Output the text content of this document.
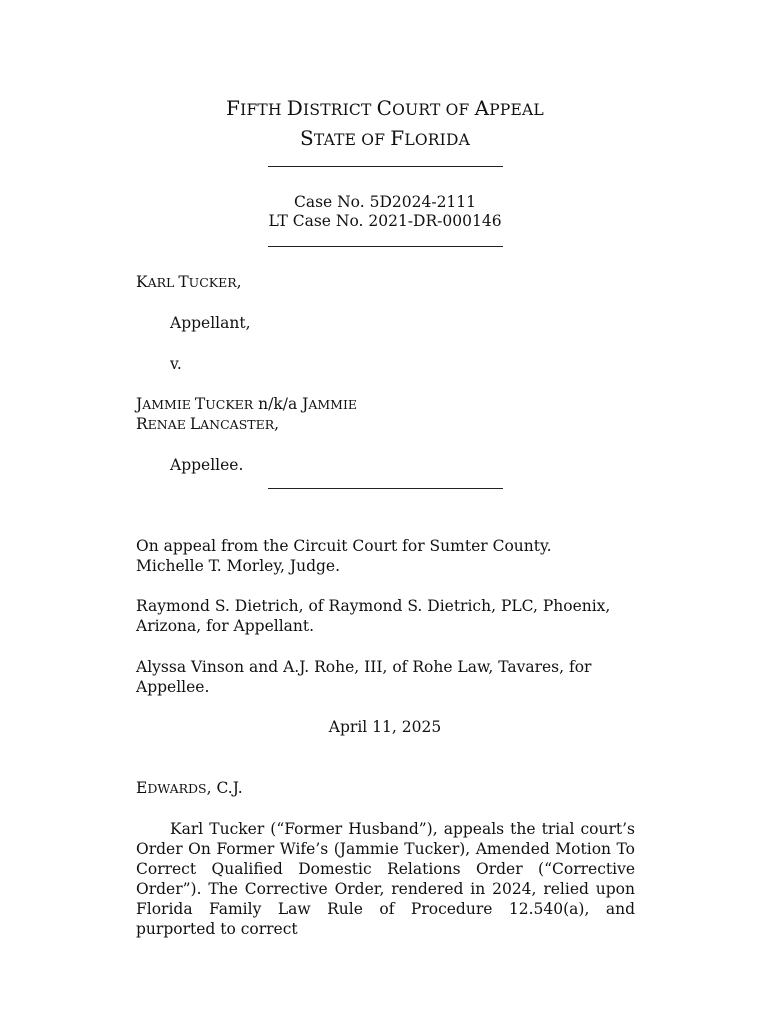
FIFTH DISTRICT COURT OF APPEAL
STATE OF FLORIDA
Case No. 5D2024-2111
LT Case No. 2021-DR-000146
KARL TUCKER,
Appellant,
v.
JAMMIE TUCKER n/k/a JAMMIE
RENAE LANCASTER,
Appellee.
On appeal from the Circuit Court for Sumter County.
Michelle T. Morley, Judge.
Raymond S. Dietrich, of Raymond S. Dietrich, PLC, Phoenix,
Arizona, for Appellant.
Alyssa Vinson and A.J. Rohe, III, of Rohe Law, Tavares, for
Appellee.
April 11, 2025
EDWARDS, C.J.
Karl Tucker (“Former Husband”), appeals the trial court’s Order On Former Wife’s (Jammie Tucker), Amended Motion To Correct Qualified Domestic Relations Order (“Corrective Order”). The Corrective Order, rendered in 2024, relied upon Florida Family Law Rule of Procedure 12.540(a), and purported to correct
